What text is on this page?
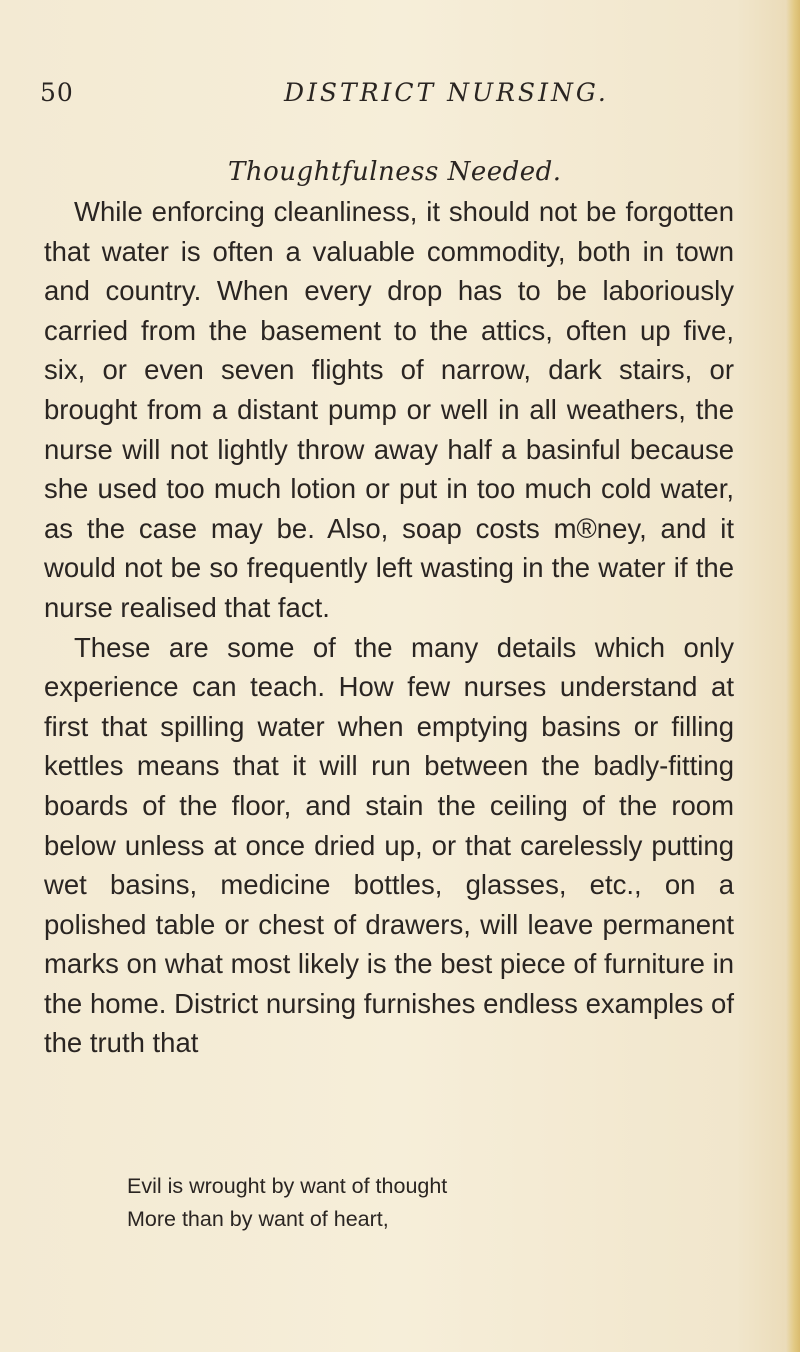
50	DISTRICT NURSING.
Thoughtfulness Needed.

While enforcing cleanliness, it should not be forgotten that water is often a valuable commodity, both in town and country. When every drop has to be laboriously carried from the basement to the attics, often up five, six, or even seven flights of narrow, dark stairs, or brought from a distant pump or well in all weathers, the nurse will not lightly throw away half a basinful because she used too much lotion or put in too much cold water, as the case may be. Also, soap costs m®ney, and it would not be so frequently left wasting in the water if the nurse realised that fact.

These are some of the many details which only experience can teach. How few nurses understand at first that spilling water when emptying basins or filling kettles means that it will run between the badly-fitting boards of the floor, and stain the ceiling of the room below unless at once dried up, or that carelessly putting wet basins, medicine bottles, glasses, etc., on a polished table or chest of drawers, will leave permanent marks on what most likely is the best piece of furniture in the home. District nursing furnishes endless examples of the truth that

Evil is wrought by want of thought
More than by want of heart,
